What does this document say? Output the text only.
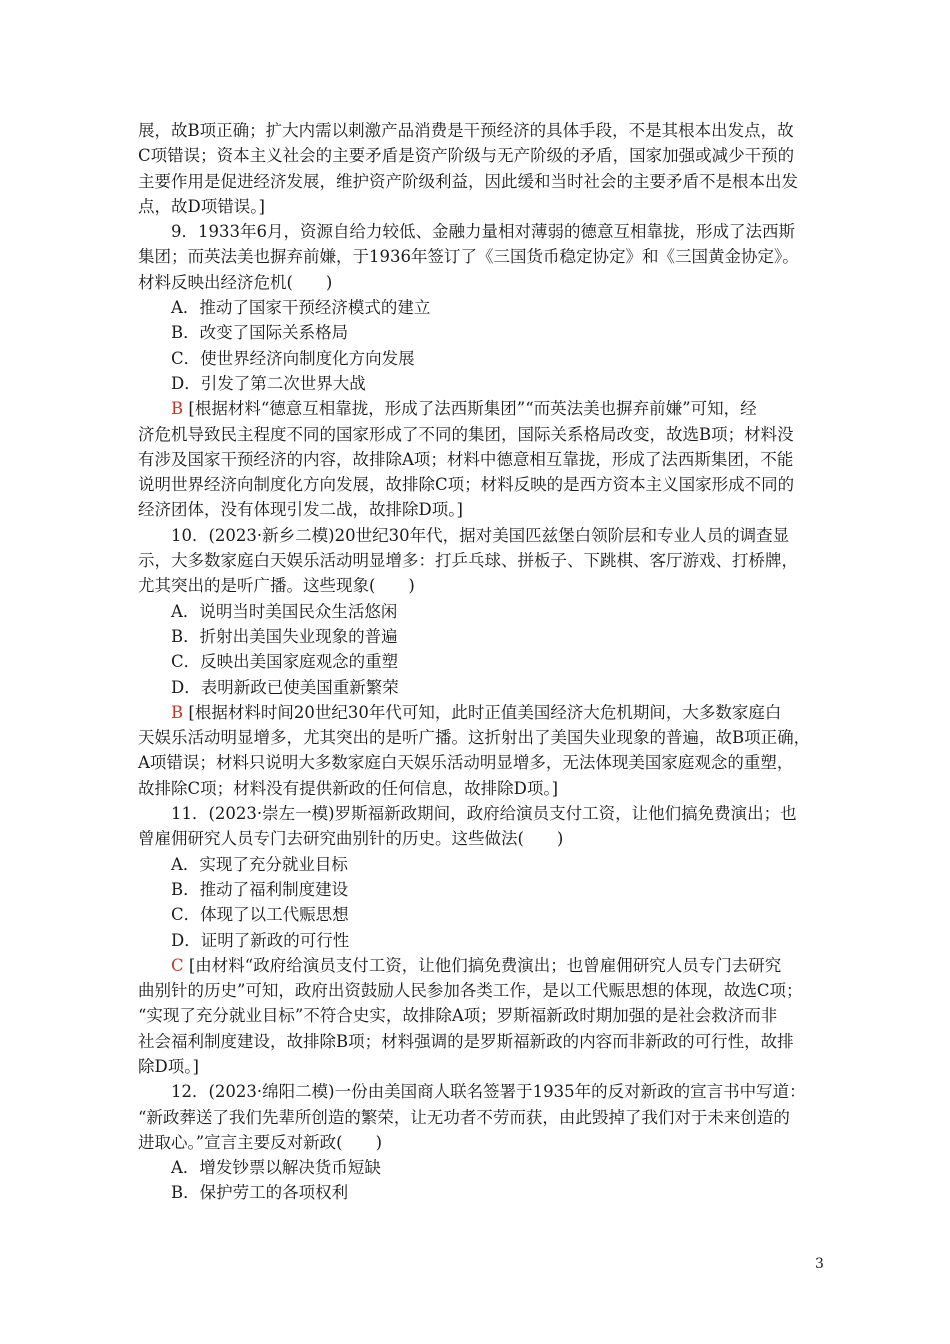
展，故B项正确；扩大内需以刺激产品消费是干预经济的具体手段，不是其根本出发点，故
C项错误；资本主义社会的主要矛盾是资产阶级与无产阶级的矛盾，国家加强或减少干预的
主要作用是促进经济发展，维护资产阶级利益，因此缓和当时社会的主要矛盾不是根本出发
点，故D项错误。]
9．1933年6月，资源自给力较低、金融力量相对薄弱的德意互相靠拢，形成了法西斯
集团；而英法美也摒弃前嫌，于1936年签订了《三国货币稳定协定》和《三国黄金协定》。
材料反映出经济危机(　　)
A．推动了国家干预经济模式的建立
B．改变了国际关系格局
C．使世界经济向制度化方向发展
D．引发了第二次世界大战
B [根据材料“德意互相靠拢，形成了法西斯集团”“而英法美也摒弃前嫌”可知，经
济危机导致民主程度不同的国家形成了不同的集团，国际关系格局改变，故选B项；材料没
有涉及国家干预经济的内容，故排除A项；材料中德意相互靠拢，形成了法西斯集团，不能
说明世界经济向制度化方向发展，故排除C项；材料反映的是西方资本主义国家形成不同的
经济团体，没有体现引发二战，故排除D项。]
10．(2023·新乡二模)20世纪30年代，据对美国匹兹堡白领阶层和专业人员的调查显
示，大多数家庭白天娱乐活动明显增多：打乒乓球、拼板子、下跳棋、客厅游戏、打桥牌，
尤其突出的是听广播。这些现象(　　)
A．说明当时美国民众生活悠闲
B．折射出美国失业现象的普遍
C．反映出美国家庭观念的重塑
D．表明新政已使美国重新繁荣
B [根据材料时间20世纪30年代可知，此时正值美国经济大危机期间，大多数家庭白
天娱乐活动明显增多，尤其突出的是听广播。这折射出了美国失业现象的普遍，故B项正确，
A项错误；材料只说明大多数家庭白天娱乐活动明显增多，无法体现美国家庭观念的重塑，
故排除C项；材料没有提供新政的任何信息，故排除D项。]
11．(2023·崇左一模)罗斯福新政期间，政府给演员支付工资，让他们搞免费演出；也
曾雇佣研究人员专门去研究曲别针的历史。这些做法(　　)
A．实现了充分就业目标
B．推动了福利制度建设
C．体现了以工代赈思想
D．证明了新政的可行性
C [由材料“政府给演员支付工资，让他们搞免费演出；也曾雇佣研究人员专门去研究
曲别针的历史”可知，政府出资鼓励人民参加各类工作，是以工代赈思想的体现，故选C项；
“实现了充分就业目标”不符合史实，故排除A项；罗斯福新政时期加强的是社会救济而非
社会福利制度建设，故排除B项；材料强调的是罗斯福新政的内容而非新政的可行性，故排
除D项。]
12．(2023·绵阳二模)一份由美国商人联名签署于1935年的反对新政的宣言书中写道：
“新政葬送了我们先辈所创造的繁荣，让无功者不劳而获，由此毁掉了我们对于未来创造的
进取心。”宣言主要反对新政(　　)
A．增发钞票以解决货币短缺
B．保护劳工的各项权利
3
